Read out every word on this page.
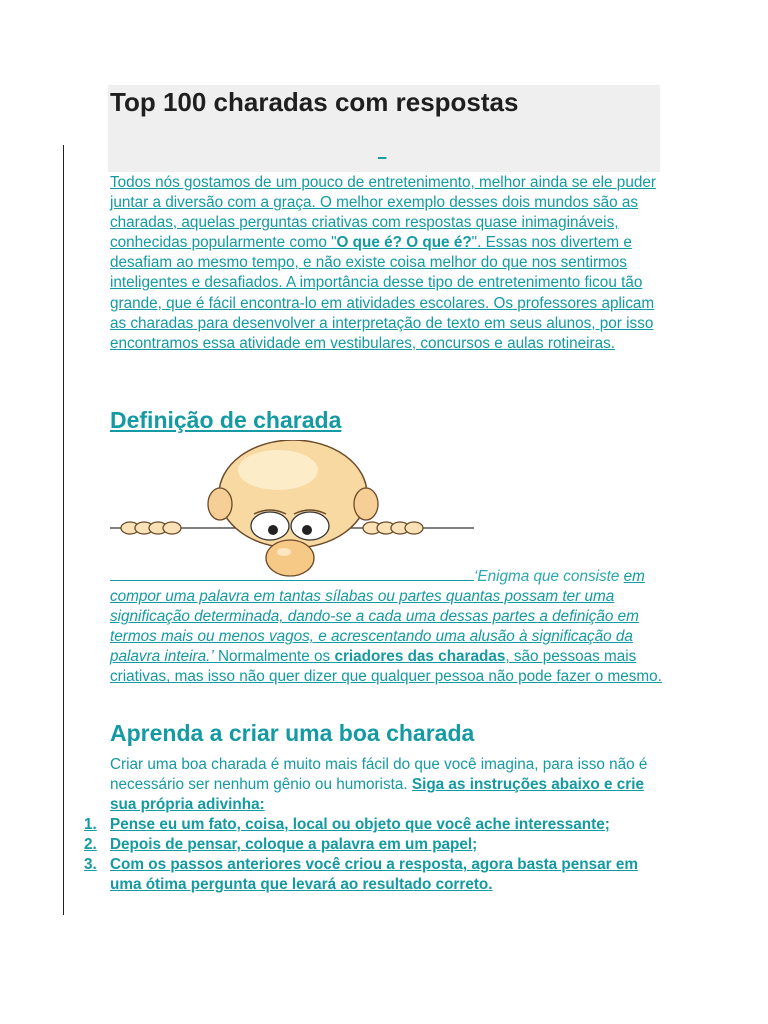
Top 100 charadas com respostas
_

Todos nós gostamos de um pouco de entretenimento, melhor ainda se ele puder juntar a diversão com a graça. O melhor exemplo desses dois mundos são as charadas, aquelas perguntas criativas com respostas quase inimagináveis, conhecidas popularmente como "O que é? O que é?". Essas nos divertem e desafiam ao mesmo tempo, e não existe coisa melhor do que nos sentirmos inteligentes e desafiados. A importância desse tipo de entretenimento ficou tão grande, que é fácil encontra-lo em atividades escolares. Os professores aplicam as charadas para desenvolver a interpretação de texto em seus alunos, por isso encontramos essa atividade em vestibulares, concursos e aulas rotineiras.

Definição de charada

‘Enigma que consiste em compor uma palavra em tantas sílabas ou partes quantas possam ter uma significação determinada, dando-se a cada uma dessas partes a definição em termos mais ou menos vagos, e acrescentando uma alusão à significação da palavra inteira.’ Normalmente os criadores das charadas, são pessoas mais criativas, mas isso não quer dizer que qualquer pessoa não pode fazer o mesmo.

Aprenda a criar uma boa charada

Criar uma boa charada é muito mais fácil do que você imagina, para isso não é necessário ser nenhum gênio ou humorista. Siga as instruções abaixo e crie sua própria adivinha:

1. Pense eu um fato, coisa, local ou objeto que você ache interessante;
2. Depois de pensar, coloque a palavra em um papel;
3. Com os passos anteriores você criou a resposta, agora basta pensar em uma ótima pergunta que levará ao resultado correto.
